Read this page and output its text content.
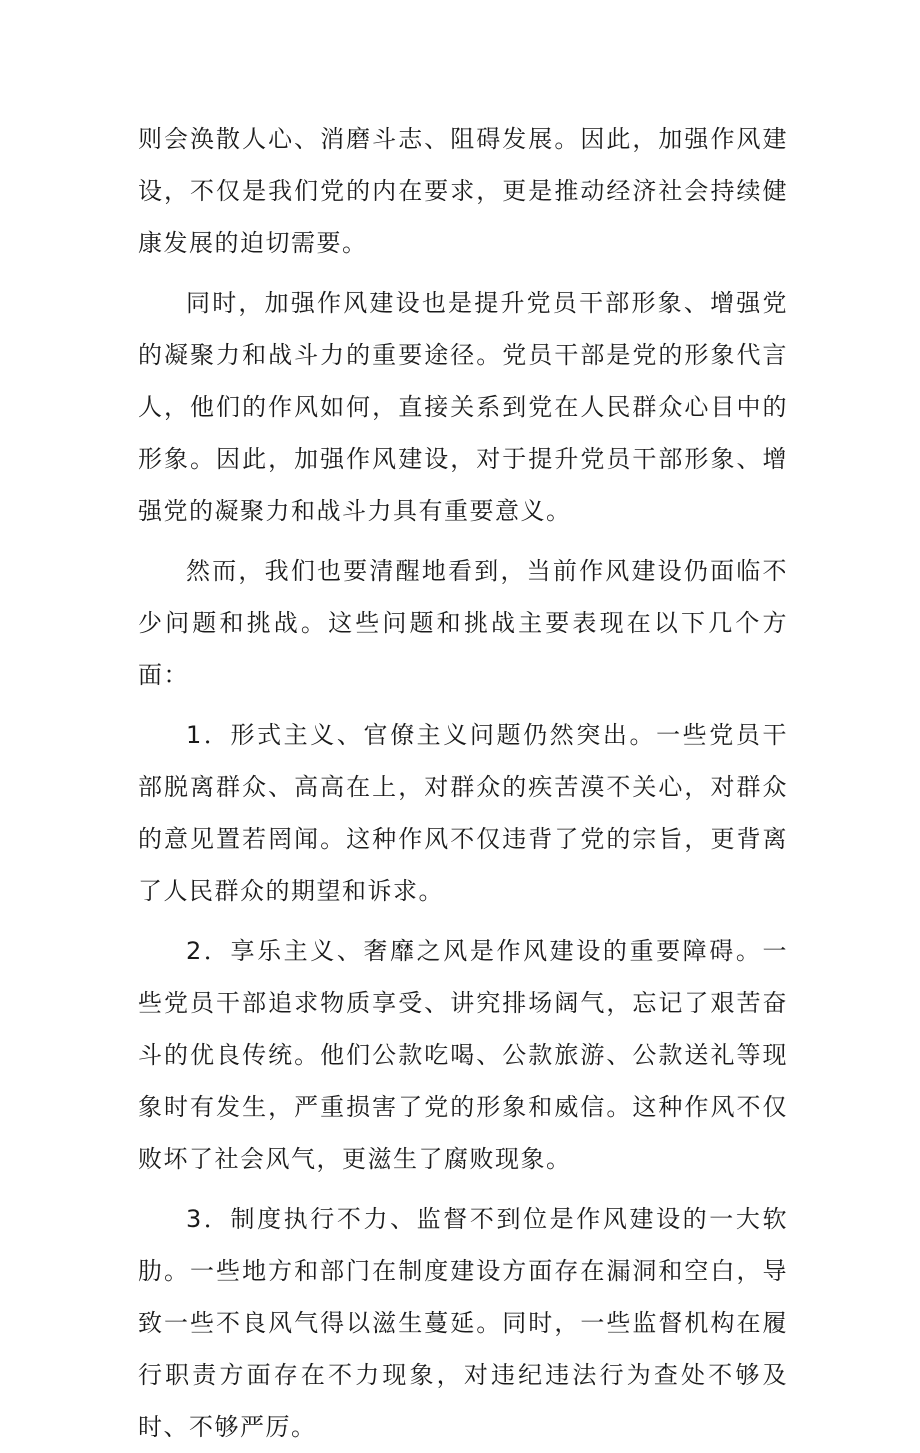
则会涣散人心、消磨斗志、阻碍发展。因此，加强作风建设，不仅是我们党的内在要求，更是推动经济社会持续健康发展的迫切需要。

同时，加强作风建设也是提升党员干部形象、增强党的凝聚力和战斗力的重要途径。党员干部是党的形象代言人，他们的作风如何，直接关系到党在人民群众心目中的形象。因此，加强作风建设，对于提升党员干部形象、增强党的凝聚力和战斗力具有重要意义。

然而，我们也要清醒地看到，当前作风建设仍面临不少问题和挑战。这些问题和挑战主要表现在以下几个方面：

1．形式主义、官僚主义问题仍然突出。一些党员干部脱离群众、高高在上，对群众的疾苦漠不关心，对群众的意见置若罔闻。这种作风不仅违背了党的宗旨，更背离了人民群众的期望和诉求。

2．享乐主义、奢靡之风是作风建设的重要障碍。一些党员干部追求物质享受、讲究排场阔气，忘记了艰苦奋斗的优良传统。他们公款吃喝、公款旅游、公款送礼等现象时有发生，严重损害了党的形象和威信。这种作风不仅败坏了社会风气，更滋生了腐败现象。

3．制度执行不力、监督不到位是作风建设的一大软肋。一些地方和部门在制度建设方面存在漏洞和空白，导致一些不良风气得以滋生蔓延。同时，一些监督机构在履行职责方面存在不力现象，对违纪违法行为查处不够及时、不够严厉。
